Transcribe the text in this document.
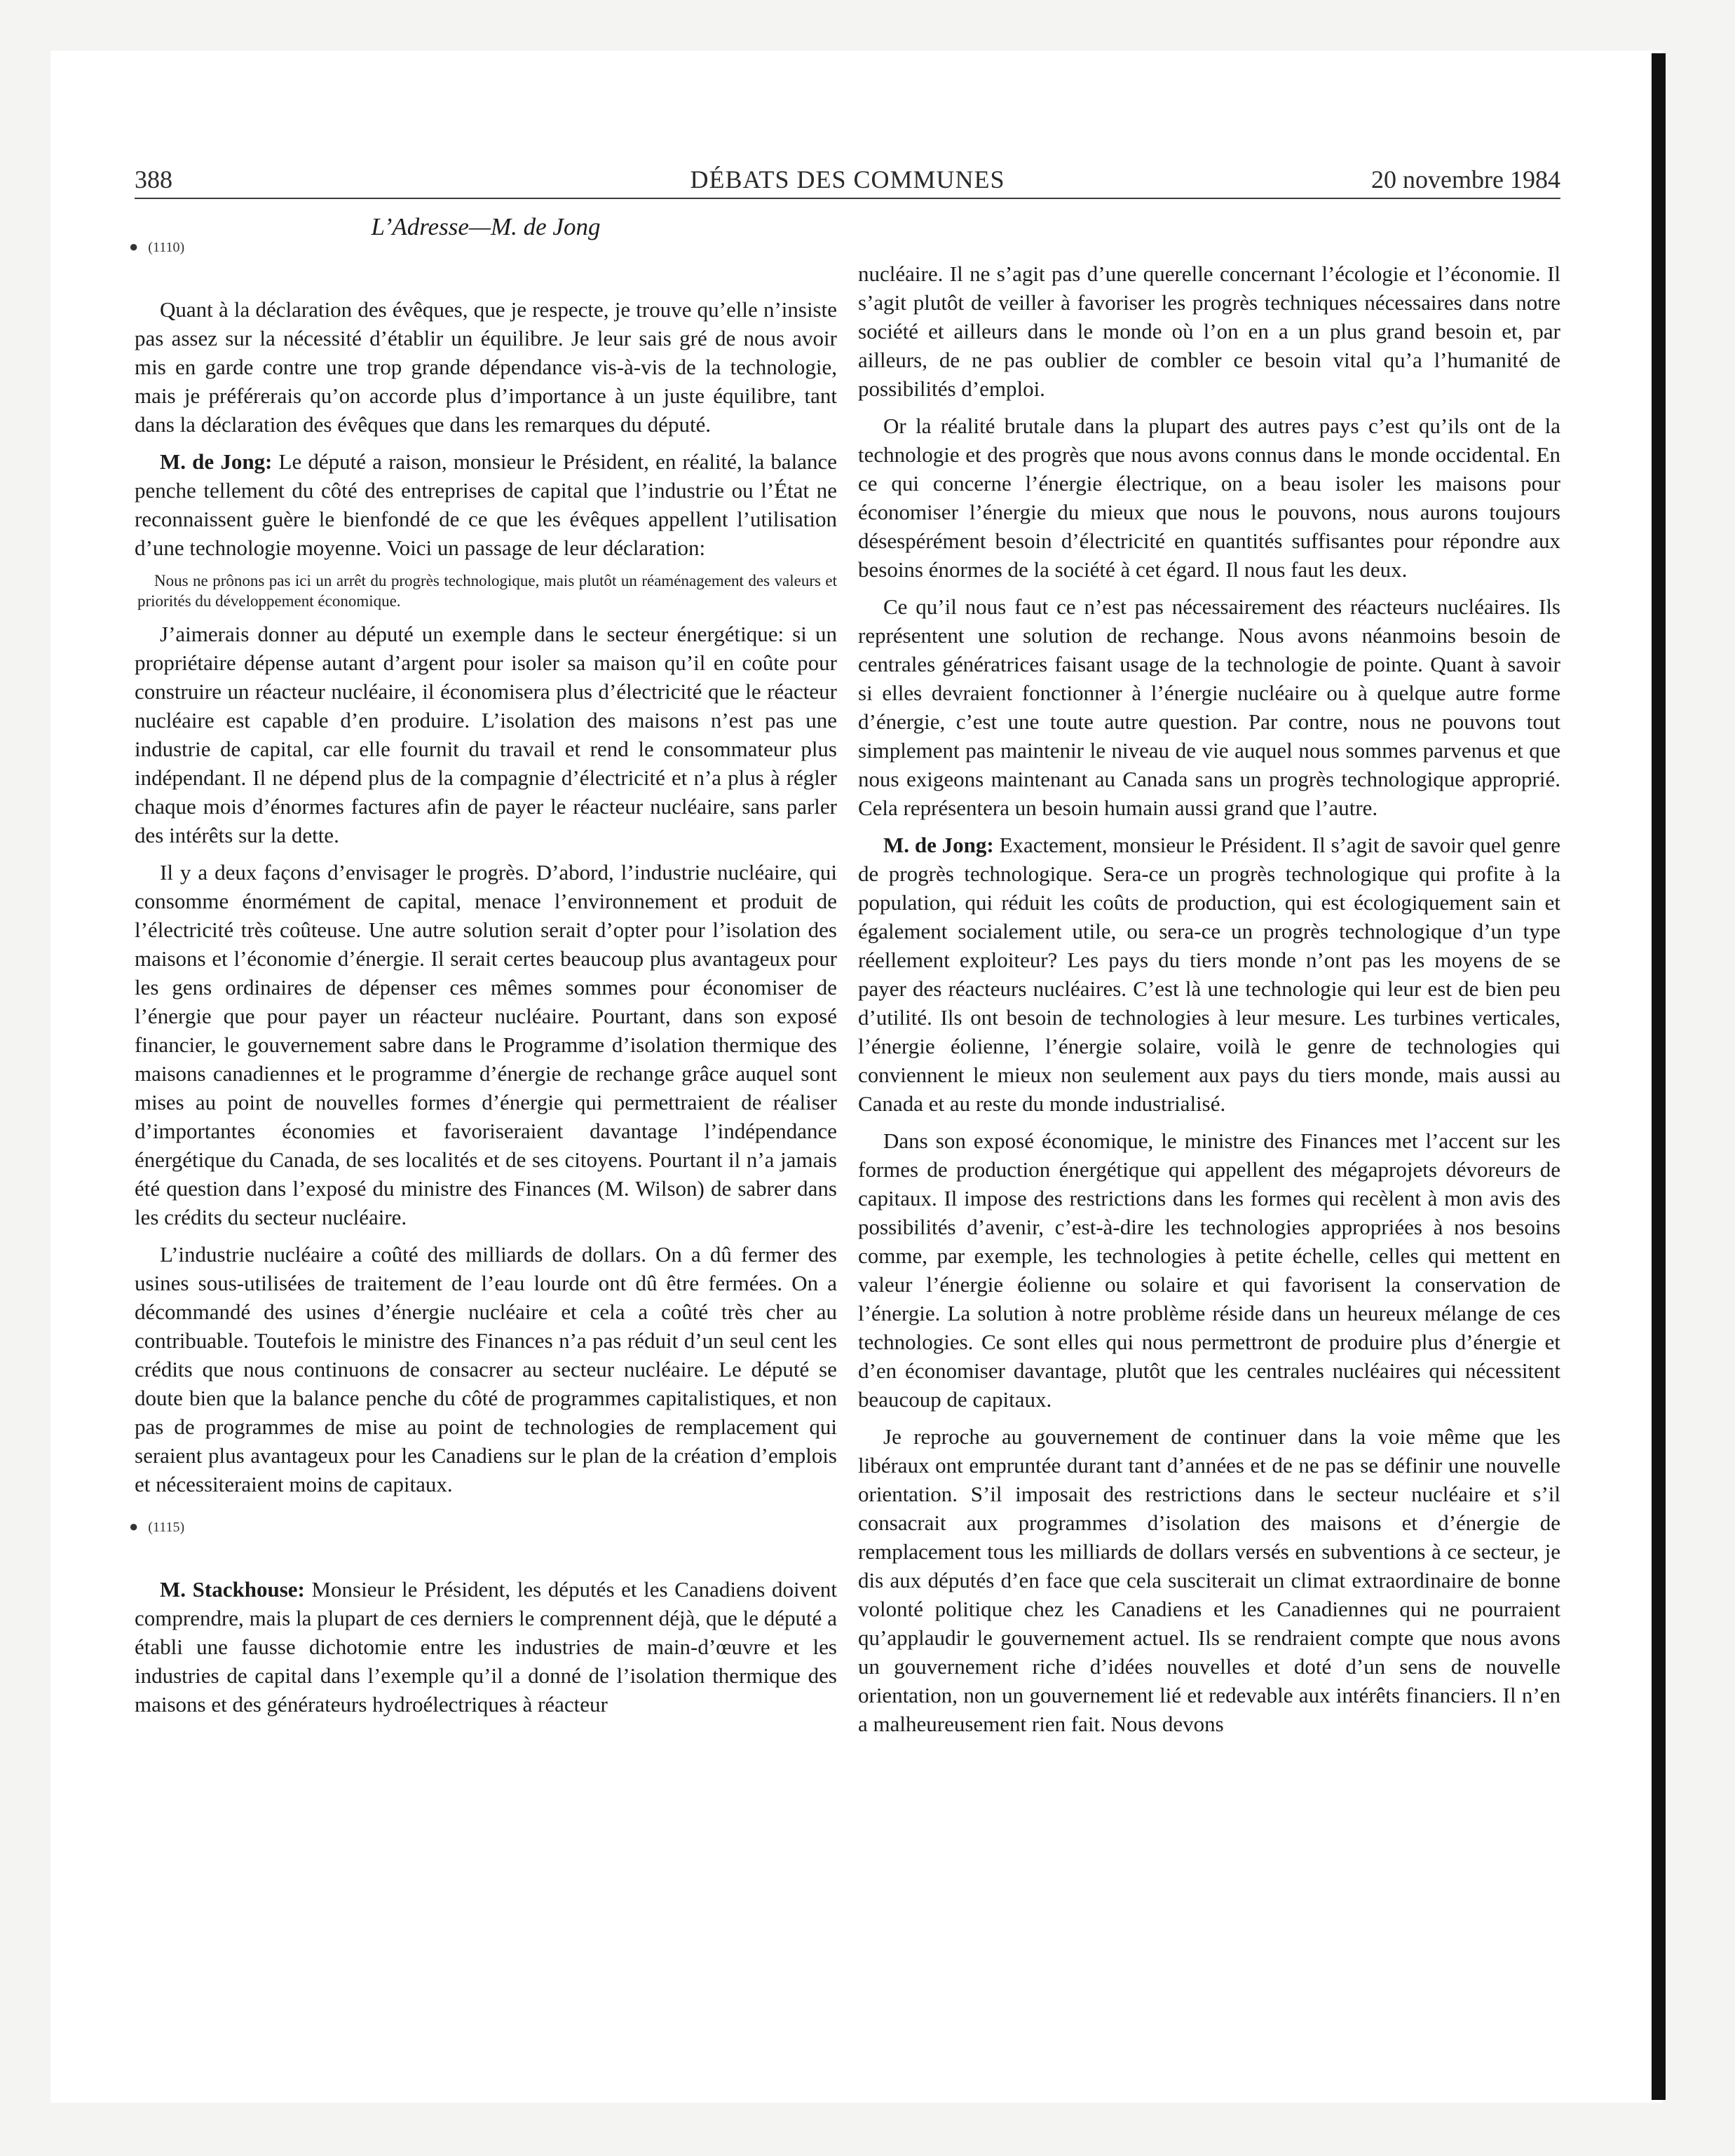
388	DÉBATS DES COMMUNES	20 novembre 1984
L’Adresse—M. de Jong
● (1110)

Quant à la déclaration des évêques, que je respecte, je trouve qu’elle n’insiste pas assez sur la nécessité d’établir un équilibre. Je leur sais gré de nous avoir mis en garde contre une trop grande dépendance vis-à-vis de la technologie, mais je préférerais qu’on accorde plus d’importance à un juste équilibre, tant dans la déclaration des évêques que dans les remarques du député.

M. de Jong: Le député a raison, monsieur le Président, en réalité, la balance penche tellement du côté des entreprises de capital que l’industrie ou l’État ne reconnaissent guère le bienfondé de ce que les évêques appellent l’utilisation d’une technologie moyenne. Voici un passage de leur déclaration:

Nous ne prônons pas ici un arrêt du progrès technologique, mais plutôt un réaménagement des valeurs et priorités du développement économique.

J’aimerais donner au député un exemple dans le secteur énergétique: si un propriétaire dépense autant d’argent pour isoler sa maison qu’il en coûte pour construire un réacteur nucléaire, il économisera plus d’électricité que le réacteur nucléaire est capable d’en produire. L’isolation des maisons n’est pas une industrie de capital, car elle fournit du travail et rend le consommateur plus indépendant. Il ne dépend plus de la compagnie d’électricité et n’a plus à régler chaque mois d’énormes factures afin de payer le réacteur nucléaire, sans parler des intérêts sur la dette.

Il y a deux façons d’envisager le progrès. D’abord, l’industrie nucléaire, qui consomme énormément de capital, menace l’environnement et produit de l’électricité très coûteuse. Une autre solution serait d’opter pour l’isolation des maisons et l’économie d’énergie. Il serait certes beaucoup plus avantageux pour les gens ordinaires de dépenser ces mêmes sommes pour économiser de l’énergie que pour payer un réacteur nucléaire. Pourtant, dans son exposé financier, le gouvernement sabre dans le Programme d’isolation thermique des maisons canadiennes et le programme d’énergie de rechange grâce auquel sont mises au point de nouvelles formes d’énergie qui permettraient de réaliser d’importantes économies et favoriseraient davantage l’indépendance énergétique du Canada, de ses localités et de ses citoyens. Pourtant il n’a jamais été question dans l’exposé du ministre des Finances (M. Wilson) de sabrer dans les crédits du secteur nucléaire.

L’industrie nucléaire a coûté des milliards de dollars. On a dû fermer des usines sous-utilisées de traitement de l’eau lourde ont dû être fermées. On a décommandé des usines d’énergie nucléaire et cela a coûté très cher au contribuable. Toutefois le ministre des Finances n’a pas réduit d’un seul cent les crédits que nous continuons de consacrer au secteur nucléaire. Le député se doute bien que la balance penche du côté de programmes capitalistiques, et non pas de programmes de mise au point de technologies de remplacement qui seraient plus avantageux pour les Canadiens sur le plan de la création d’emplois et nécessiteraient moins de capitaux.

● (1115)

M. Stackhouse: Monsieur le Président, les députés et les Canadiens doivent comprendre, mais la plupart de ces derniers le comprennent déjà, que le député a établi une fausse dichotomie entre les industries de main-d’œuvre et les industries de capital dans l’exemple qu’il a donné de l’isolation thermique des maisons et des générateurs hydroélectriques à réacteur

nucléaire. Il ne s’agit pas d’une querelle concernant l’écologie et l’économie. Il s’agit plutôt de veiller à favoriser les progrès techniques nécessaires dans notre société et ailleurs dans le monde où l’on en a un plus grand besoin et, par ailleurs, de ne pas oublier de combler ce besoin vital qu’a l’humanité de possibilités d’emploi.

Or la réalité brutale dans la plupart des autres pays c’est qu’ils ont de la technologie et des progrès que nous avons connus dans le monde occidental. En ce qui concerne l’énergie électrique, on a beau isoler les maisons pour économiser l’énergie du mieux que nous le pouvons, nous aurons toujours désespérément besoin d’électricité en quantités suffisantes pour répondre aux besoins énormes de la société à cet égard. Il nous faut les deux.

Ce qu’il nous faut ce n’est pas nécessairement des réacteurs nucléaires. Ils représentent une solution de rechange. Nous avons néanmoins besoin de centrales génératrices faisant usage de la technologie de pointe. Quant à savoir si elles devraient fonctionner à l’énergie nucléaire ou à quelque autre forme d’énergie, c’est une toute autre question. Par contre, nous ne pouvons tout simplement pas maintenir le niveau de vie auquel nous sommes parvenus et que nous exigeons maintenant au Canada sans un progrès technologique approprié. Cela représentera un besoin humain aussi grand que l’autre.

M. de Jong: Exactement, monsieur le Président. Il s’agit de savoir quel genre de progrès technologique. Sera-ce un progrès technologique qui profite à la population, qui réduit les coûts de production, qui est écologiquement sain et également socialement utile, ou sera-ce un progrès technologique d’un type réellement exploiteur? Les pays du tiers monde n’ont pas les moyens de se payer des réacteurs nucléaires. C’est là une technologie qui leur est de bien peu d’utilité. Ils ont besoin de technologies à leur mesure. Les turbines verticales, l’énergie éolienne, l’énergie solaire, voilà le genre de technologies qui conviennent le mieux non seulement aux pays du tiers monde, mais aussi au Canada et au reste du monde industrialisé.

Dans son exposé économique, le ministre des Finances met l’accent sur les formes de production énergétique qui appellent des mégaprojets dévoreurs de capitaux. Il impose des restrictions dans les formes qui recèlent à mon avis des possibilités d’avenir, c’est-à-dire les technologies appropriées à nos besoins comme, par exemple, les technologies à petite échelle, celles qui mettent en valeur l’énergie éolienne ou solaire et qui favorisent la conservation de l’énergie. La solution à notre problème réside dans un heureux mélange de ces technologies. Ce sont elles qui nous permettront de produire plus d’énergie et d’en économiser davantage, plutôt que les centrales nucléaires qui nécessitent beaucoup de capitaux.

Je reproche au gouvernement de continuer dans la voie même que les libéraux ont empruntée durant tant d’années et de ne pas se définir une nouvelle orientation. S’il imposait des restrictions dans le secteur nucléaire et s’il consacrait aux programmes d’isolation des maisons et d’énergie de remplacement tous les milliards de dollars versés en subventions à ce secteur, je dis aux députés d’en face que cela susciterait un climat extraordinaire de bonne volonté politique chez les Canadiens et les Canadiennes qui ne pourraient qu’applaudir le gouvernement actuel. Ils se rendraient compte que nous avons un gouvernement riche d’idées nouvelles et doté d’un sens de nouvelle orientation, non un gouvernement lié et redevable aux intérêts financiers. Il n’en a malheureusement rien fait. Nous devons
